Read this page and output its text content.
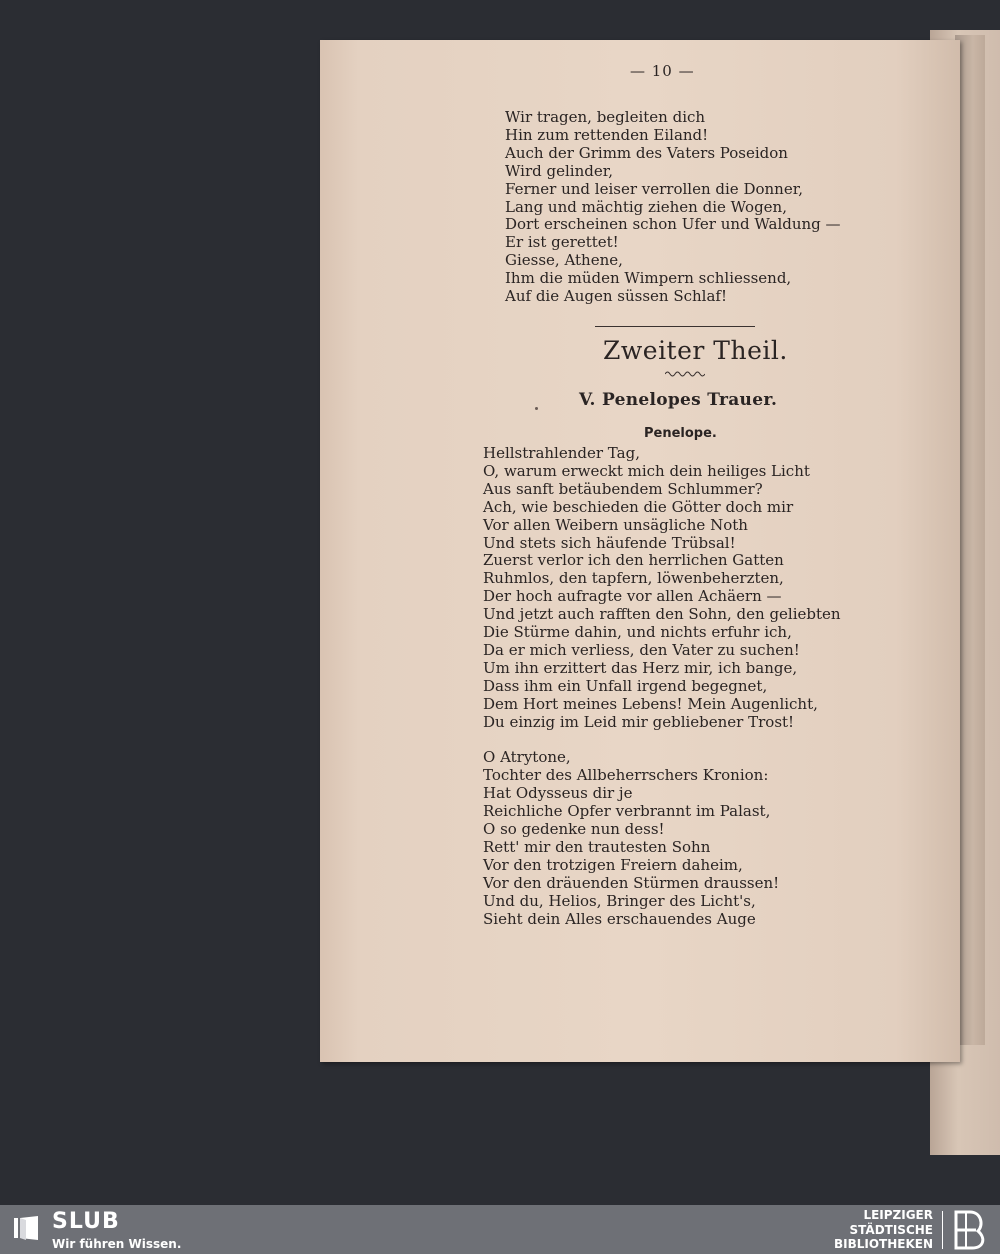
— 10 —
Wir tragen, begleiten dich
Hin zum rettenden Eiland!
Auch der Grimm des Vaters Poseidon
Wird gelinder,
Ferner und leiser verrollen die Donner,
Lang und mächtig ziehen die Wogen,
Dort erscheinen schon Ufer und Waldung —
Er ist gerettet!
Giesse, Athene,
Ihm die müden Wimpern schliessend,
Auf die Augen süssen Schlaf!
Zweiter Theil.
V. Penelopes Trauer.
Penelope.
Hellstrahlender Tag,
O, warum erweckt mich dein heiliges Licht
Aus sanft betäubendem Schlummer?
Ach, wie beschieden die Götter doch mir
Vor allen Weibern unsägliche Noth
Und stets sich häufende Trübsal!
Zuerst verlor ich den herrlichen Gatten
Ruhmlos, den tapfern, löwenbeherzten,
Der hoch aufragte vor allen Achäern —
Und jetzt auch rafften den Sohn, den geliebten
Die Stürme dahin, und nichts erfuhr ich,
Da er mich verliess, den Vater zu suchen!
Um ihn erzittert das Herz mir, ich bange,
Dass ihm ein Unfall irgend begegnet,
Dem Hort meines Lebens! Mein Augenlicht,
Du einzig im Leid mir gebliebener Trost!
O Atrytone,
Tochter des Allbeherrschers Kronion:
Hat Odysseus dir je
Reichliche Opfer verbrannt im Palast,
O so gedenke nun dess!
Rett' mir den trautesten Sohn
Vor den trotzigen Freiern daheim,
Vor den dräuenden Stürmen draussen!
Und du, Helios, Bringer des Licht's,
Sieht dein Alles erschauendes Auge
SLUB
Wir führen Wissen.
LEIPZIGER
STÄDTISCHE
BIBLIOTHEKEN
